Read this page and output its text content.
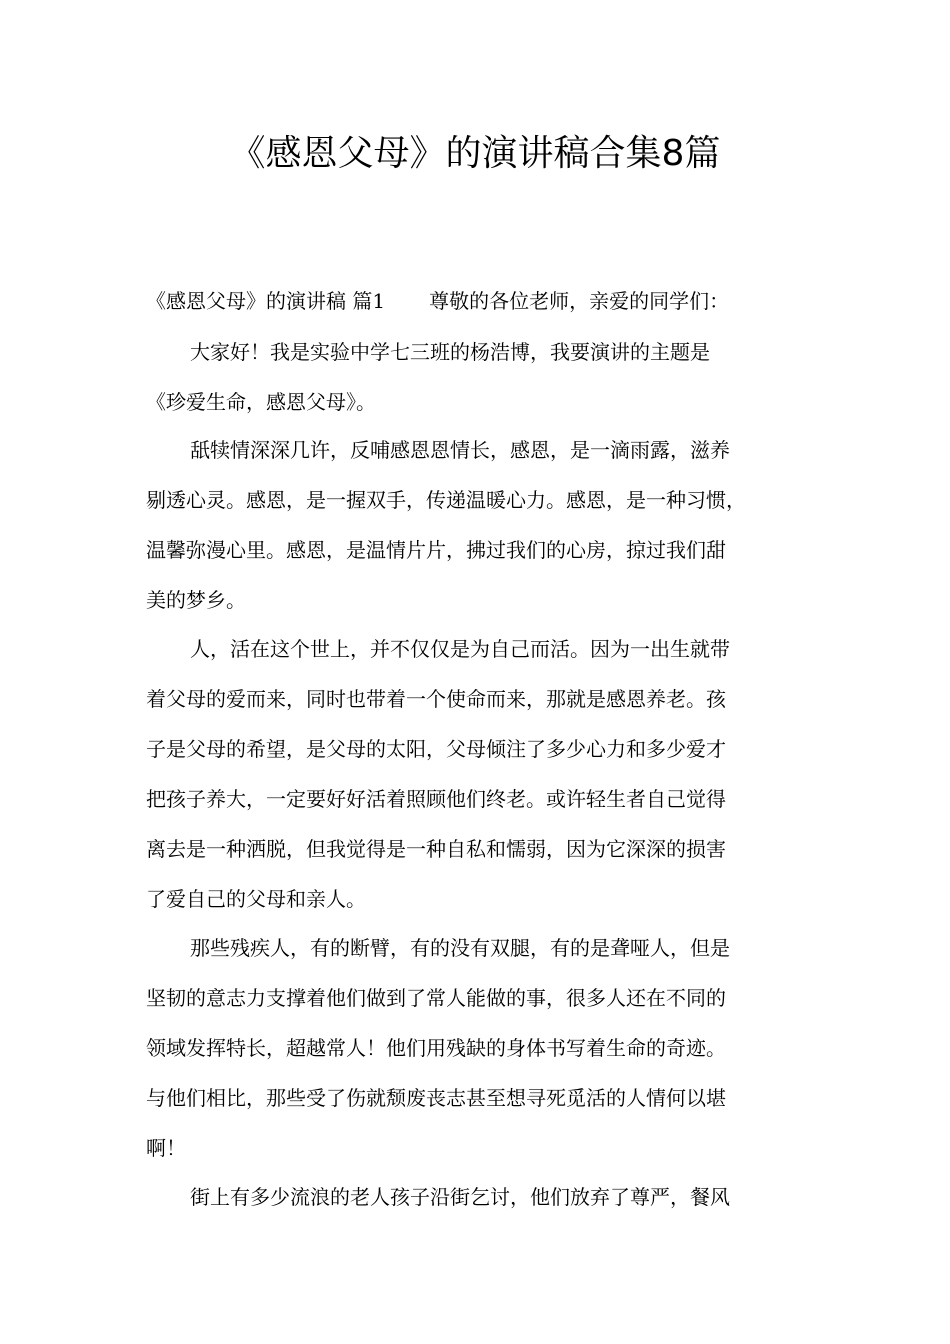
《感恩父母》的演讲稿合集8篇
《感恩父母》的演讲稿 篇1 尊敬的各位老师，亲爱的同学们：
大家好！我是实验中学七三班的杨浩博，我要演讲的主题是
《珍爱生命，感恩父母》。
舐犊情深深几许，反哺感恩恩情长，感恩，是一滴雨露，滋养
剔透心灵。感恩，是一握双手，传递温暖心力。感恩，是一种习惯，
温馨弥漫心里。感恩，是温情片片，拂过我们的心房，掠过我们甜
美的梦乡。
人，活在这个世上，并不仅仅是为自己而活。因为一出生就带
着父母的爱而来，同时也带着一个使命而来，那就是感恩养老。孩
子是父母的希望，是父母的太阳，父母倾注了多少心力和多少爱才
把孩子养大，一定要好好活着照顾他们终老。或许轻生者自己觉得
离去是一种洒脱，但我觉得是一种自私和懦弱，因为它深深的损害
了爱自己的父母和亲人。
那些残疾人，有的断臂，有的没有双腿，有的是聋哑人，但是
坚韧的意志力支撑着他们做到了常人能做的事，很多人还在不同的
领域发挥特长，超越常人！他们用残缺的身体书写着生命的奇迹。
与他们相比，那些受了伤就颓废丧志甚至想寻死觅活的人情何以堪
啊！
街上有多少流浪的老人孩子沿街乞讨，他们放弃了尊严，餐风
